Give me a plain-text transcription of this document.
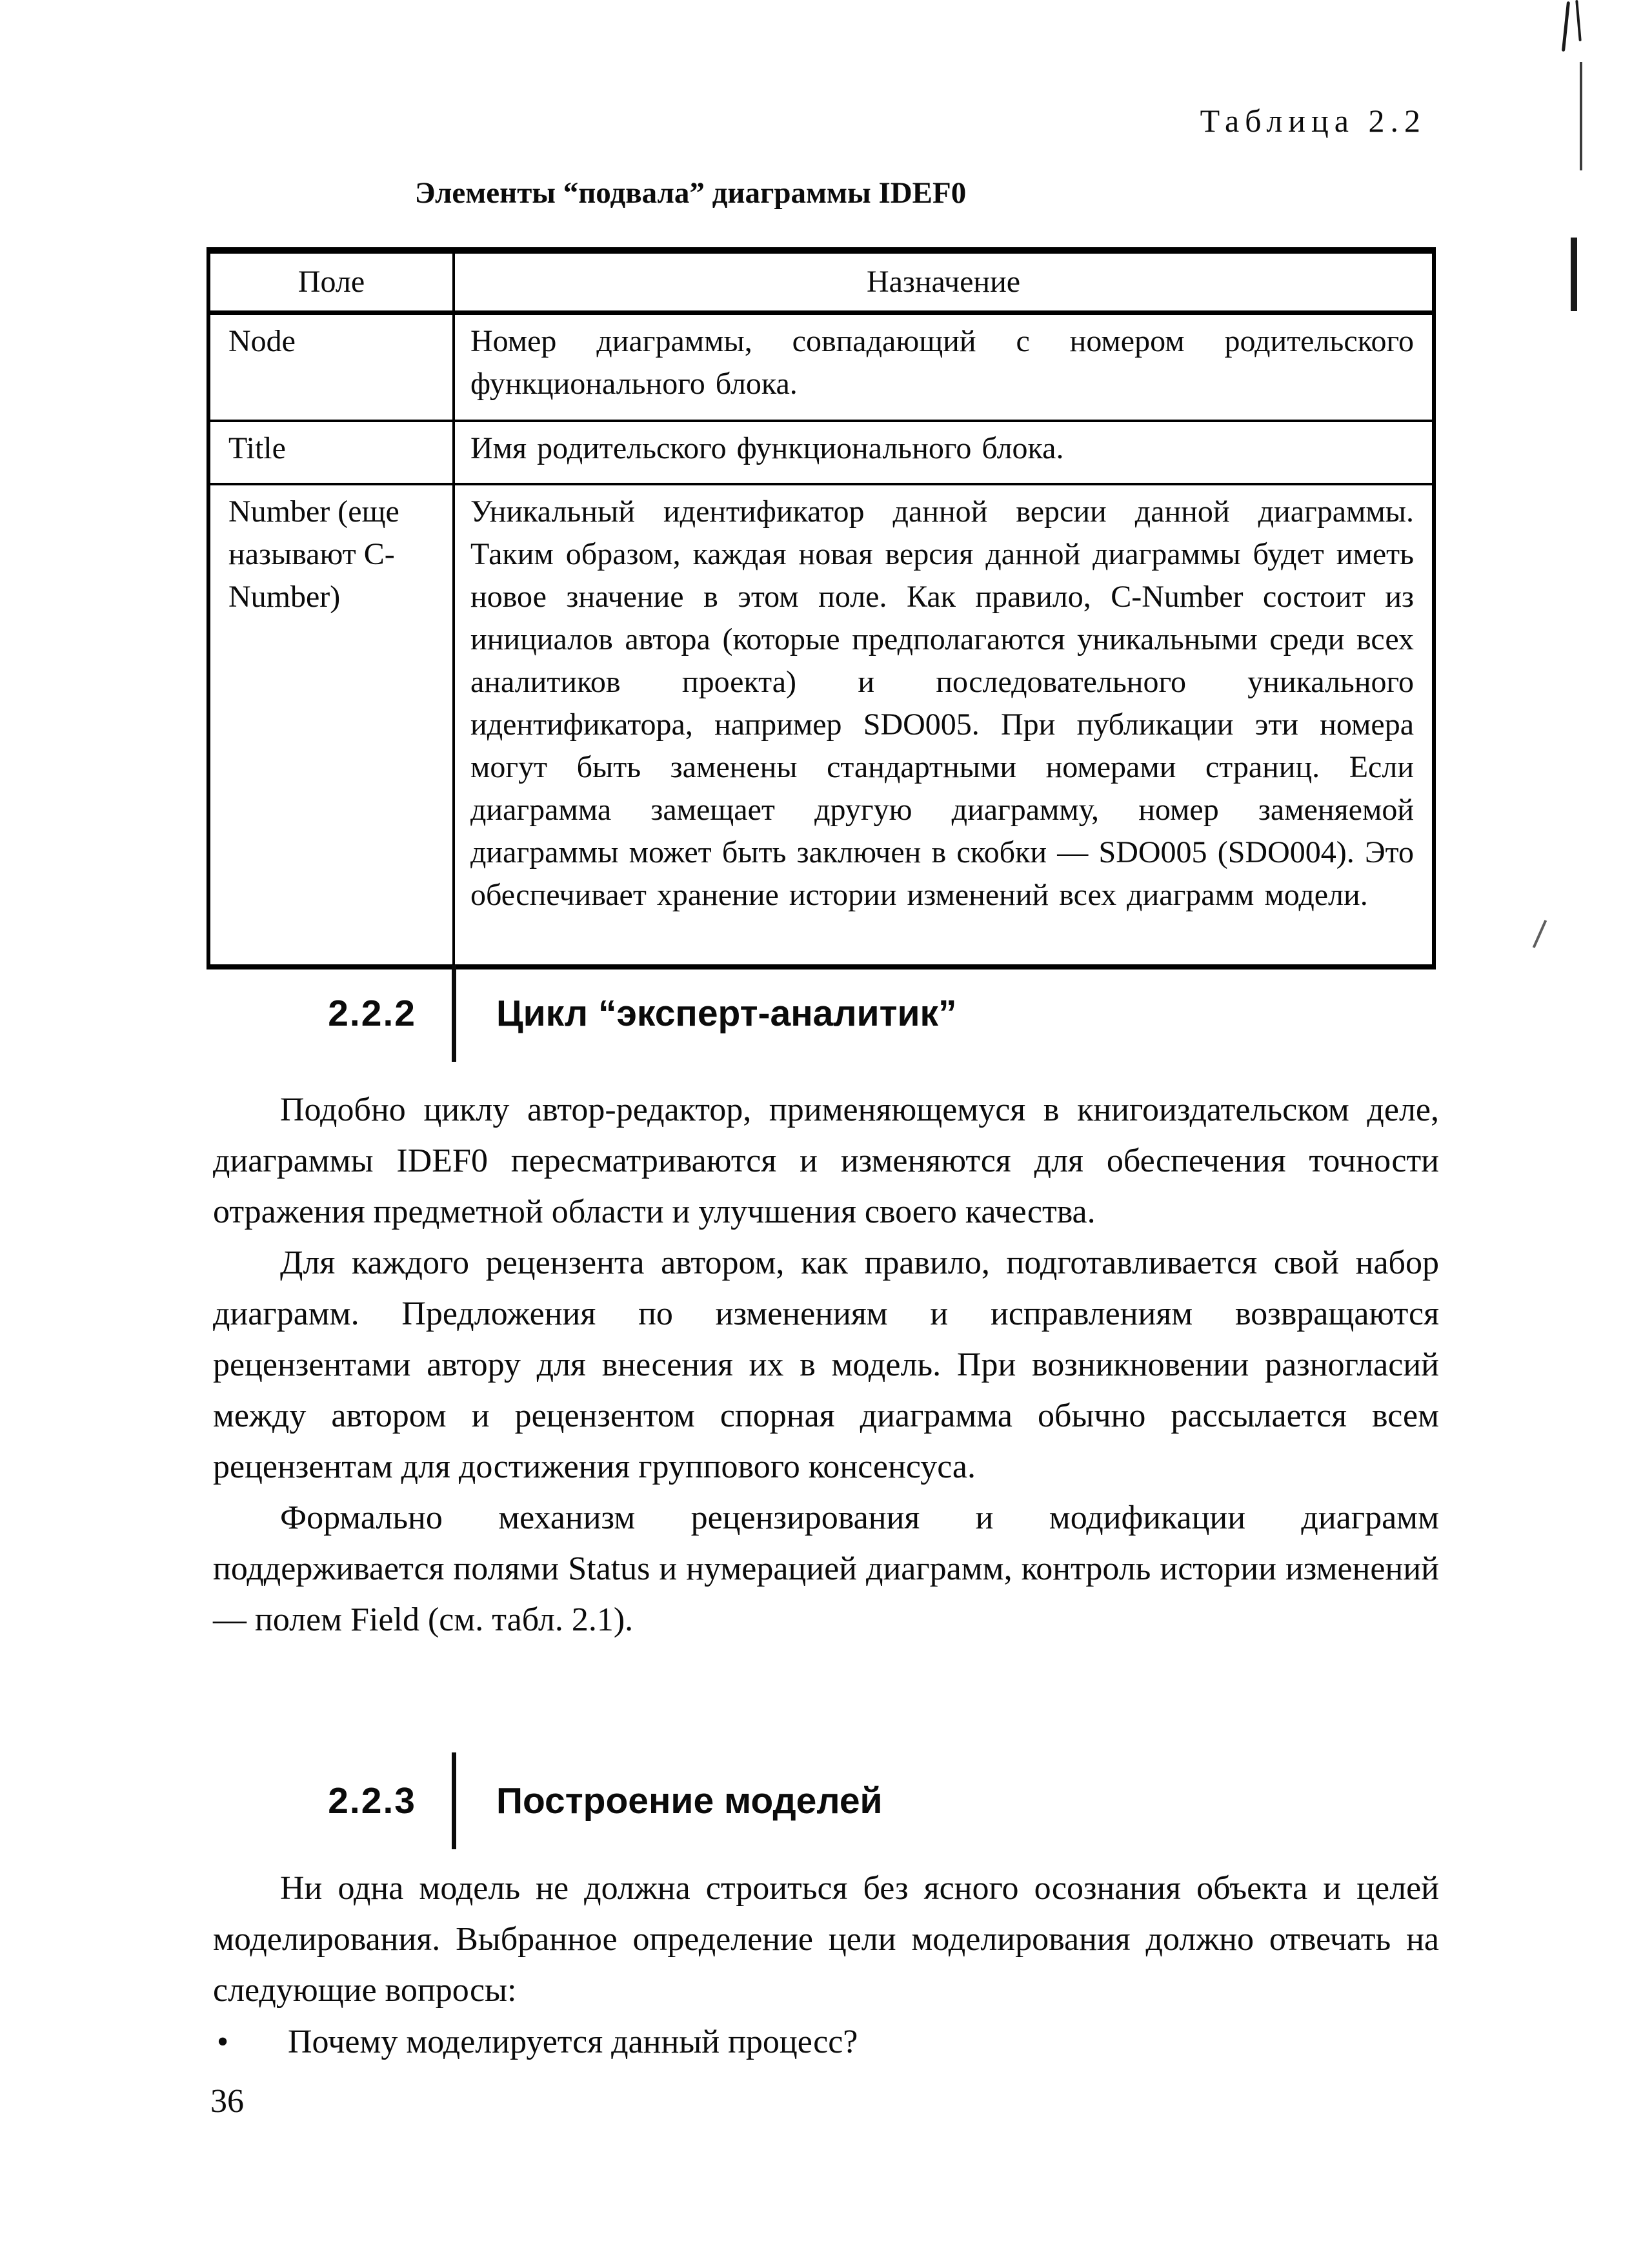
Таблица 2.2
Элементы “подвала” диаграммы IDEF0
Поле	Назначение
Node	Номер диаграммы, совпадающий с номером родительского функционального блока.
Title	Имя родительского функционального блока.
Number (еще называют C-Number)	Уникальный идентификатор данной версии данной диаграммы. Таким образом, каждая новая версия данной диаграммы будет иметь новое значение в этом поле. Как правило, C-Number состоит из инициалов автора (которые предполагаются уникальными среди всех аналитиков проекта) и последовательного уникального идентификатора, например SDO005. При публикации эти номера могут быть заменены стандартными номерами страниц. Если диаграмма замещает другую диаграмму, номер заменяемой диаграммы может быть заключен в скобки — SDO005 (SDO004). Это обеспечивает хранение истории изменений всех диаграмм модели.
2.2.2	Цикл “эксперт-аналитик”

Подобно циклу автор-редактор, применяющемуся в книгоиздательском деле, диаграммы IDEF0 пересматриваются и изменяются для обеспечения точности отражения предметной области и улучшения своего качества.

Для каждого рецензента автором, как правило, подготавливается свой набор диаграмм. Предложения по изменениям и исправлениям возвращаются рецензентами автору для внесения их в модель. При возникновении разногласий между автором и рецензентом спорная диаграмма обычно рассылается всем рецензентам для достижения группового консенсуса.

Формально механизм рецензирования и модификации диаграмм поддерживается полями Status и нумерацией диаграмм, контроль истории изменений — полем Field (см. табл. 2.1).

2.2.3	Построение моделей

Ни одна модель не должна строиться без ясного осознания объекта и целей моделирования. Выбранное определение цели моделирования должно отвечать на следующие вопросы:

•	Почему моделируется данный процесс?
36
